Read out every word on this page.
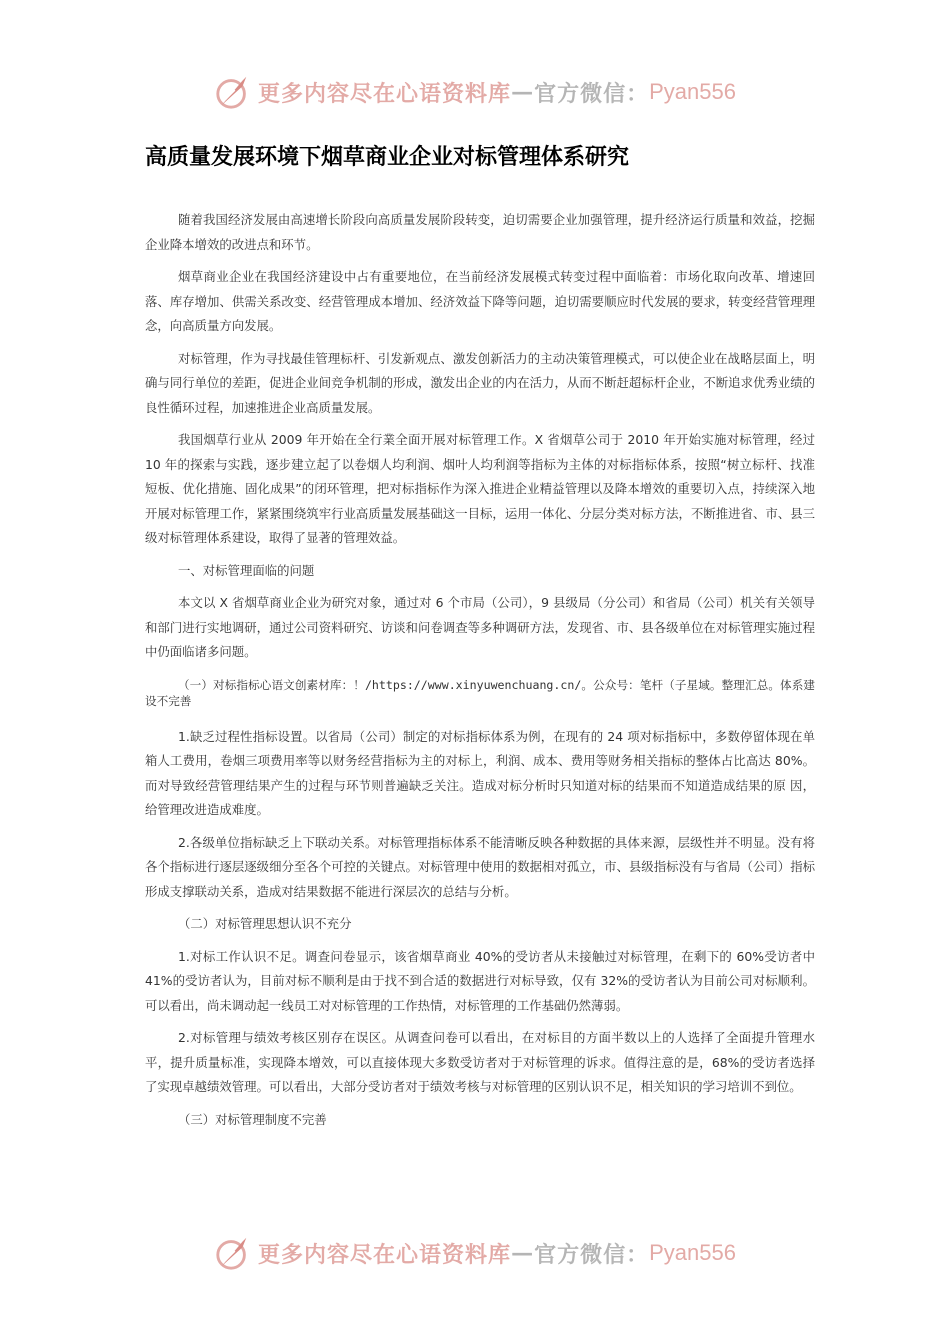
更多内容尽在心语资料库 — 官方微信： Pyan556
高质量发展环境下烟草商业企业对标管理体系研究

随着我国经济发展由高速增长阶段向高质量发展阶段转变，迫切需要企业加强管理，提升经济运行质量和效益，挖掘企业降本增效的改进点和环节。

烟草商业企业在我国经济建设中占有重要地位，在当前经济发展模式转变过程中面临着：市场化取向改革、增速回落、库存增加、供需关系改变、经营管理成本增加、经济效益下降等问题，迫切需要顺应时代发展的要求，转变经营管理理念，向高质量方向发展。

对标管理，作为寻找最佳管理标杆、引发新观点、激发创新活力的主动决策管理模式，可以使企业在战略层面上，明确与同行单位的差距，促进企业间竞争机制的形成，激发出企业的内在活力，从而不断赶超标杆企业，不断追求优秀业绩的良性循环过程，加速推进企业高质量发展。

我国烟草行业从 2009 年开始在全行業全面开展对标管理工作。X 省烟草公司于 2010 年开始实施对标管理，经过10 年的探索与实践，逐步建立起了以卷烟人均利润、烟叶人均利润等指标为主体的对标指标体系，按照“树立标杆、找准短板、优化措施、固化成果”的闭环管理，把对标指标作为深入推进企业精益管理以及降本增效的重要切入点，持续深入地开展对标管理工作，紧紧围绕筑牢行业高质量发展基础这一目标，运用一体化、分层分类对标方法，不断推进省、市、县三级对标管理体系建设，取得了显著的管理效益。

一、对标管理面临的问题

本文以 X 省烟草商业企业为研究对象，通过对 6 个市局（公司），9 县级局（分公司）和省局（公司）机关有关领导和部门进行实地调研，通过公司资料研究、访谈和问卷调查等多种调研方法，发现省、市、县各级单位在对标管理实施过程中仍面临诸多问题。

（一）对标指标心语文创素材库：！/https://www.xinyuwenchuang.cn/。公众号：笔杆（子星域。整理汇总。体系建设不完善

1.缺乏过程性指标设置。以省局（公司）制定的对标指标体系为例，在现有的 24 项对标指标中，多数停留体现在单箱人工费用，卷烟三项费用率等以财务经营指标为主的对标上，利润、成本、费用等财务相关指标的整体占比高达 80%。而对导致经营管理结果产生的过程与环节则普遍缺乏关注。造成对标分析时只知道对标的结果而不知道造成结果的原 因，给管理改进造成难度。

2.各级单位指标缺乏上下联动关系。对标管理指标体系不能清晰反映各种数据的具体来源，层级性并不明显。没有将各个指标进行逐层逐级细分至各个可控的关键点。对标管理中使用的数据相对孤立，市、县级指标没有与省局（公司）指标形成支撑联动关系，造成对结果数据不能进行深层次的总结与分析。

（二）对标管理思想认识不充分

1.对标工作认识不足。调查问卷显示，该省烟草商业 40%的受访者从未接触过对标管理，在剩下的 60%受访者中41%的受访者认为，目前对标不顺利是由于找不到合适的数据进行对标导致，仅有 32%的受访者认为目前公司对标顺利。可以看出，尚未调动起一线员工对对标管理的工作热情，对标管理的工作基础仍然薄弱。

2.对标管理与绩效考核区别存在误区。从调查问卷可以看出，在对标目的方面半数以上的人选择了全面提升管理水平，提升质量标准，实现降本增效，可以直接体现大多数受访者对于对标管理的诉求。值得注意的是，68%的受访者选择了实现卓越绩效管理。可以看出，大部分受访者对于绩效考核与对标管理的区别认识不足，相关知识的学习培训不到位。

（三）对标管理制度不完善

更多内容尽在心语资料库 — 官方微信： Pyan556
